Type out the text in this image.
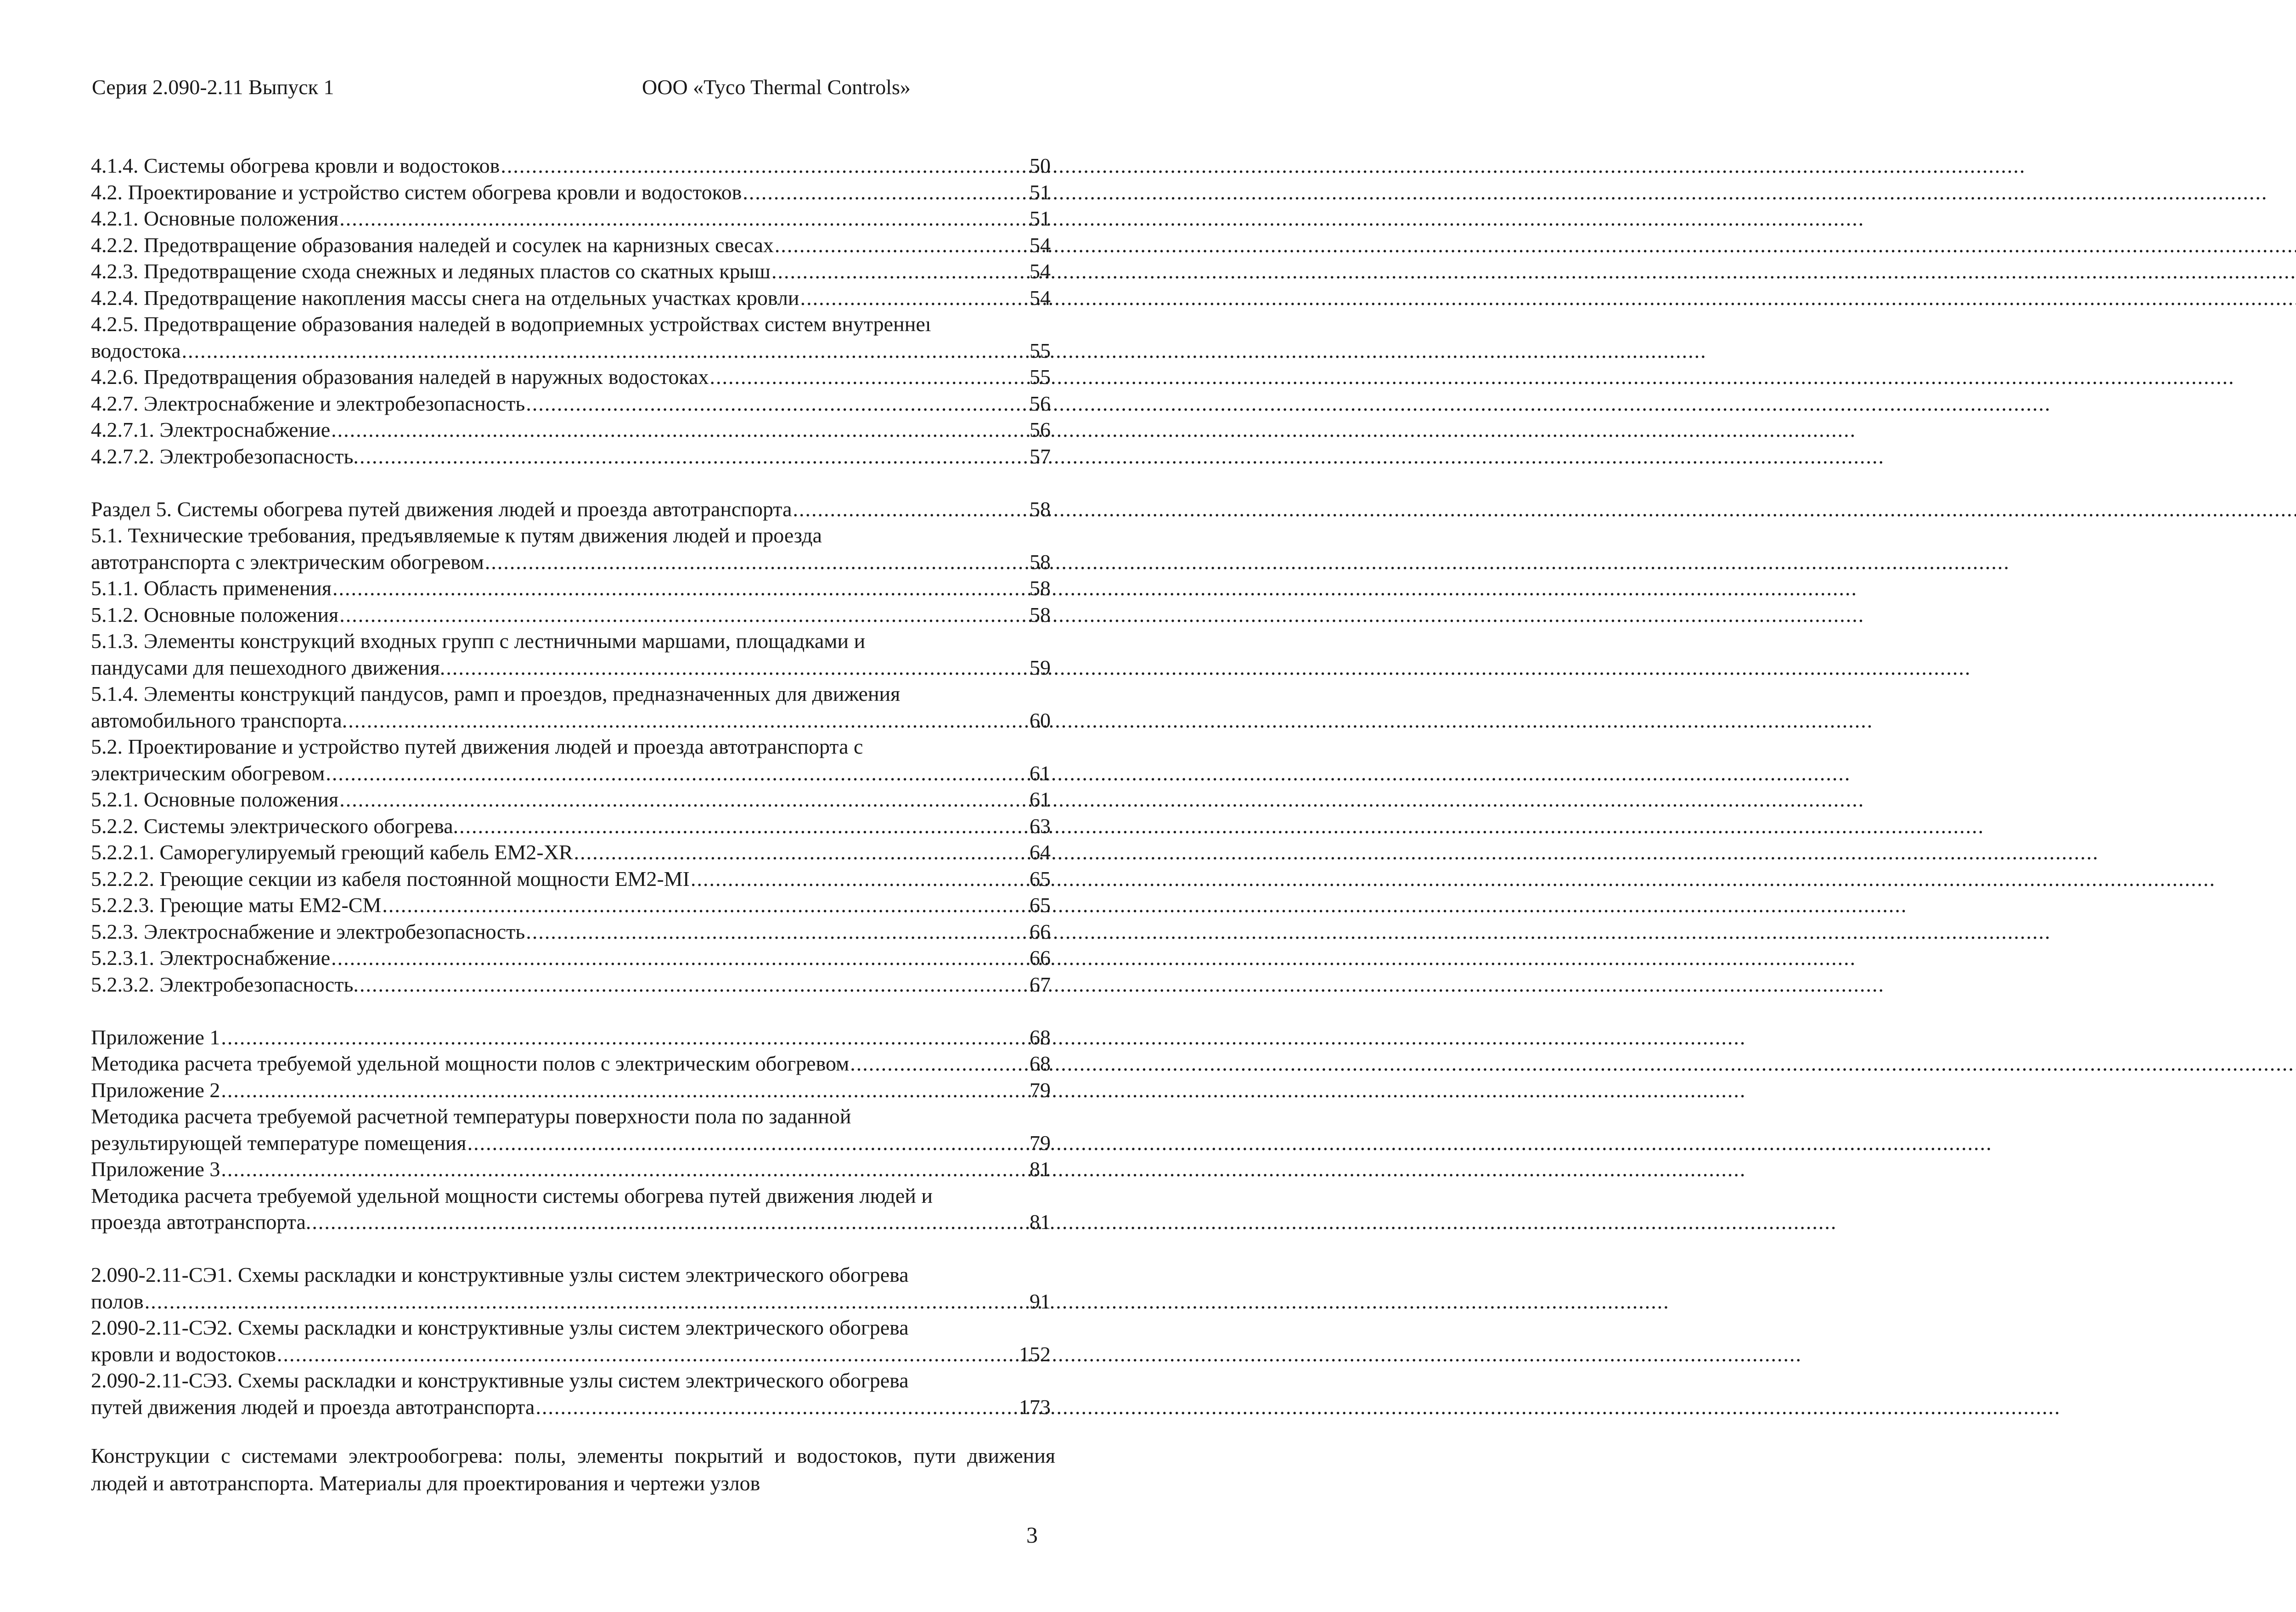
Серия 2.090-2.11 Выпуск 1	ООО «Tyco Thermal Controls»
4.1.4. Системы обогрева кровли и водостоков .....	50
4.2. Проектирование и устройство систем обогрева кровли и водостоков .....	51
4.2.1. Основные положения .....	51
4.2.2. Предотвращение образования наледей и сосулек на карнизных свесах .....	54
4.2.3. Предотвращение схода снежных и ледяных пластов со скатных крыш .....	54
4.2.4. Предотвращение накопления массы снега на отдельных участках кровли .....	54
4.2.5. Предотвращение образования наледей в водоприемных устройствах систем внутреннеı
водостока .....	55
4.2.6. Предотвращения образования наледей в наружных водостоках .....	55
4.2.7. Электроснабжение и электробезопасность .....	56
4.2.7.1. Электроснабжение .....	56
4.2.7.2. Электробезопасность. .....	57
Раздел 5. Системы обогрева путей движения людей и проезда автотранспорта .....	58
5.1. Технические требования, предъявляемые к путям движения людей и проезда
автотранспорта с электрическим обогревом .....	58
5.1.1. Область применения .....	58
5.1.2. Основные положения .....	58
5.1.3. Элементы конструкций входных групп с лестничными маршами, площадками и
пандусами для пешеходного движения. .....	59
5.1.4. Элементы конструкций пандусов, рамп и проездов, предназначенных для движения
автомобильного транспорта. .....	60
5.2. Проектирование и устройство путей движения людей и проезда автотранспорта с
электрическим обогревом .....	61
5.2.1. Основные положения .....	61
5.2.2. Системы электрического обогрева. .....	63
5.2.2.1. Саморегулируемый греющий кабель ЕМ2-XR .....	64
5.2.2.2. Греющие секции из кабеля постоянной мощности ЕМ2-MI .....	65
5.2.2.3. Греющие маты ЕМ2-СМ .....	65
5.2.3. Электроснабжение и электробезопасность .....	66
5.2.3.1. Электроснабжение .....	66
5.2.3.2. Электробезопасность. .....	67
Приложение 1 .....	68
Методика расчета требуемой удельной мощности полов с электрическим обогревом .....	68
Приложение 2 .....	79
Методика расчета требуемой расчетной температуры поверхности пола по заданной
результирующей температуре помещения .....	79
Приложение 3 .....	81
Методика расчета требуемой удельной мощности системы обогрева путей движения людей и
проезда автотранспорта. .....	81
2.090-2.11-СЭ1. Схемы раскладки и конструктивные узлы систем электрического обогрева
полов .....	91
2.090-2.11-СЭ2. Схемы раскладки и конструктивные узлы систем электрического обогрева
кровли и водостоков .....	152
2.090-2.11-СЭ3. Схемы раскладки и конструктивные узлы систем электрического обогрева
путей движения людей и проезда автотранспорта .....	173
Конструкции с системами электрообогрева: полы, элементы покрытий и водостоков, пути движения людей и автотранспорта. Материалы для проектирования и чертежи узлов
3
